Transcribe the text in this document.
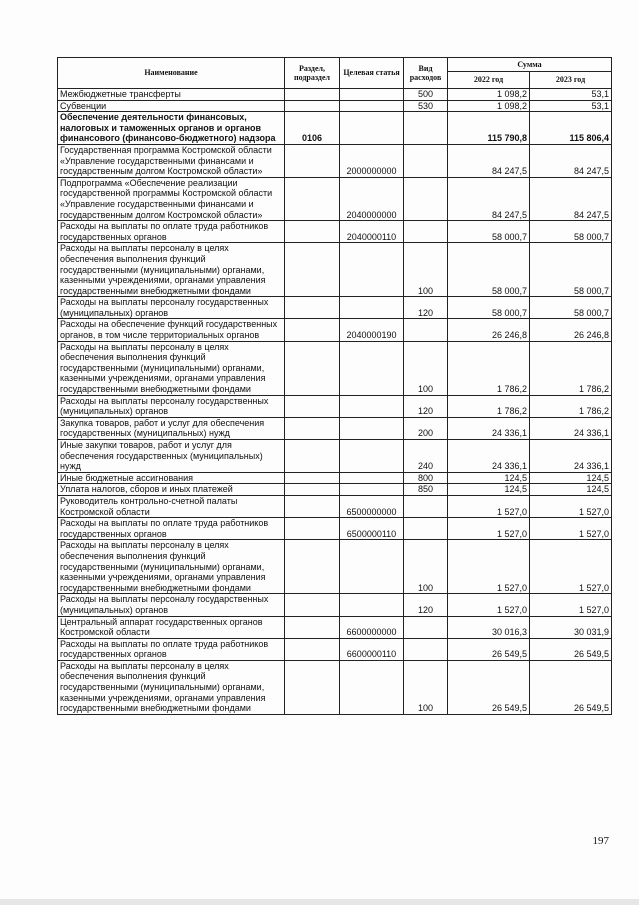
Наименование	Раздел, подраздел	Целевая статья	Вид расходов	Сумма	
				2022 год	2023 год
Межбюджетные трансферты			500	1 098,2	53,1
Субвенции			530	1 098,2	53,1
Обеспечение деятельности финансовых, налоговых и таможенных органов и органов финансового (финансово-бюджетного) надзора	0106			115 790,8	115 806,4
Государственная программа Костромской области «Управление государственными финансами и государственным долгом Костромской области»		2000000000		84 247,5	84 247,5
Подпрограмма «Обеспечение реализации государственной программы Костромской области «Управление государственными финансами и государственным долгом Костромской области»		2040000000		84 247,5	84 247,5
Расходы на выплаты по оплате труда работников государственных органов		2040000110		58 000,7	58 000,7
Расходы на выплаты персоналу в целях обеспечения выполнения функций государственными (муниципальными) органами, казенными учреждениями, органами управления государственными внебюджетными фондами			100	58 000,7	58 000,7
Расходы на выплаты персоналу государственных (муниципальных) органов			120	58 000,7	58 000,7
Расходы на обеспечение функций государственных органов, в том числе территориальных органов		2040000190		26 246,8	26 246,8
Расходы на выплаты персоналу в целях обеспечения выполнения функций государственными (муниципальными) органами, казенными учреждениями, органами управления государственными внебюджетными фондами			100	1 786,2	1 786,2
Расходы на выплаты персоналу государственных (муниципальных) органов			120	1 786,2	1 786,2
Закупка товаров, работ и услуг для обеспечения государственных (муниципальных) нужд			200	24 336,1	24 336,1
Иные закупки товаров, работ и услуг для обеспечения государственных (муниципальных) нужд			240	24 336,1	24 336,1
Иные бюджетные ассигнования			800	124,5	124,5
Уплата налогов, сборов и иных платежей			850	124,5	124,5
Руководитель контрольно-счетной палаты Костромской области		6500000000		1 527,0	1 527,0
Расходы на выплаты по оплате труда работников государственных органов		6500000110		1 527,0	1 527,0
Расходы на выплаты персоналу в целях обеспечения выполнения функций государственными (муниципальными) органами, казенными учреждениями, органами управления государственными внебюджетными фондами			100	1 527,0	1 527,0
Расходы на выплаты персоналу государственных (муниципальных) органов			120	1 527,0	1 527,0
Центральный аппарат государственных органов Костромской области		6600000000		30 016,3	30 031,9
Расходы на выплаты по оплате труда работников государственных органов		6600000110		26 549,5	26 549,5
Расходы на выплаты персоналу в целях обеспечения выполнения функций государственными (муниципальными) органами, казенными учреждениями, органами управления государственными внебюджетными фондами			100	26 549,5	26 549,5
197
